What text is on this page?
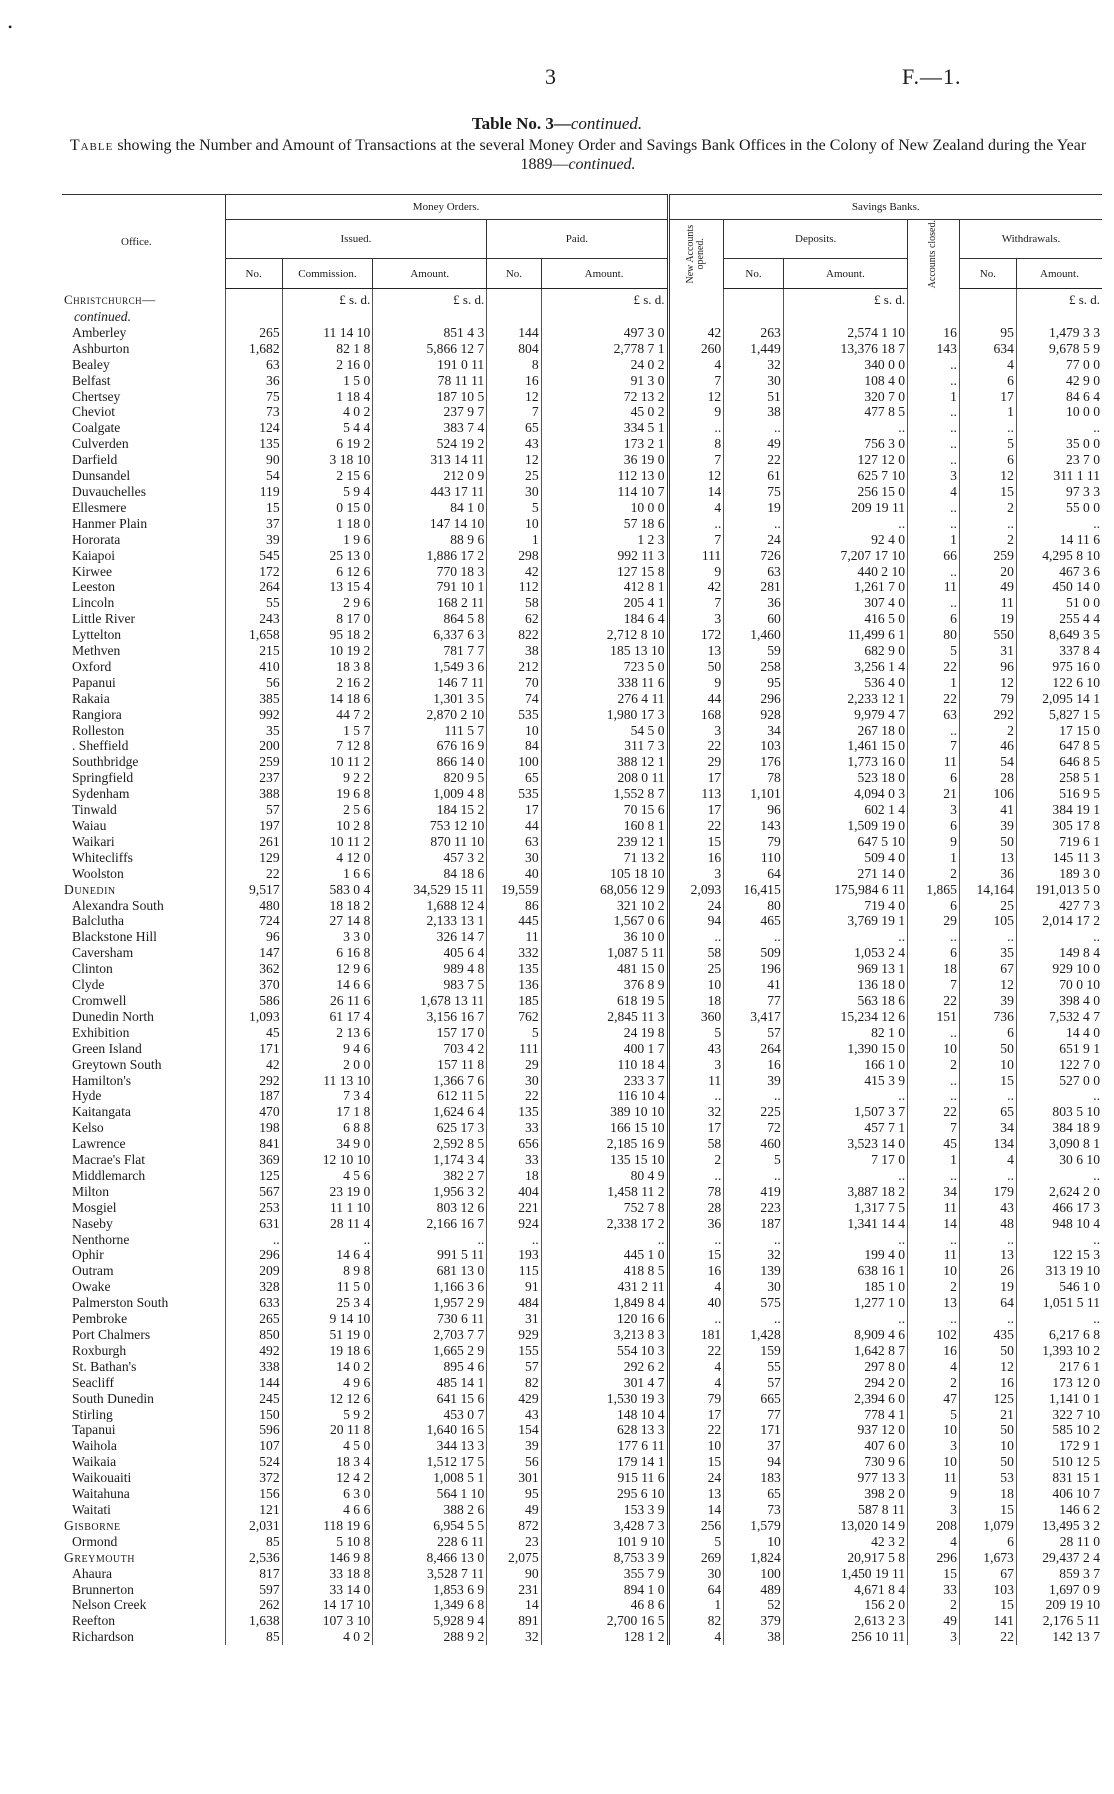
•
3	F.—1.
Table No. 3—continued.
Table showing the Number and Amount of Transactions at the several Money Order and Savings Bank Offices in the Colony of New Zealand during the Year 1889—continued.
Office.	Money Orders.					Savings Banks.					
	Issued.			Paid.		New Accounts opened.	Deposits.		Accounts closed.	Withdrawals.	
	No.	Commission.	Amount.	No.	Amount.		No.	Amount.		No.	Amount.
Christchurch—		£ s. d.	£ s. d.		£ s. d.			£ s. d.			£ s. d.
continued.											
Amberley	265	11 14 10	851 4 3	144	497 3 0	42	263	2,574 1 10	16	95	1,479 3 3
Ashburton	1,682	82 1 8	5,866 12 7	804	2,778 7 1	260	1,449	13,376 18 7	143	634	9,678 5 9
Bealey	63	2 16 0	191 0 11	8	24 0 2	4	32	340 0 0	..	4	77 0 0
Belfast	36	1 5 0	78 11 11	16	91 3 0	7	30	108 4 0	..	6	42 9 0
Chertsey	75	1 18 4	187 10 5	12	72 13 2	12	51	320 7 0	1	17	84 6 4
Cheviot	73	4 0 2	237 9 7	7	45 0 2	9	38	477 8 5	..	1	10 0 0
Coalgate	124	5 4 4	383 7 4	65	334 5 1	..	..	..	..	..	..
Culverden	135	6 19 2	524 19 2	43	173 2 1	8	49	756 3 0	..	5	35 0 0
Darfield	90	3 18 10	313 14 11	12	36 19 0	7	22	127 12 0	..	6	23 7 0
Dunsandel	54	2 15 6	212 0 9	25	112 13 0	12	61	625 7 10	3	12	311 1 11
Duvauchelles	119	5 9 4	443 17 11	30	114 10 7	14	75	256 15 0	4	15	97 3 3
Ellesmere	15	0 15 0	84 1 0	5	10 0 0	4	19	209 19 11	..	2	55 0 0
Hanmer Plain	37	1 18 0	147 14 10	10	57 18 6	..	..	..	..	..	..
Hororata	39	1 9 6	88 9 6	1	1 2 3	7	24	92 4 0	1	2	14 11 6
Kaiapoi	545	25 13 0	1,886 17 2	298	992 11 3	111	726	7,207 17 10	66	259	4,295 8 10
Kirwee	172	6 12 6	770 18 3	42	127 15 8	9	63	440 2 10	..	20	467 3 6
Leeston	264	13 15 4	791 10 1	112	412 8 1	42	281	1,261 7 0	11	49	450 14 0
Lincoln	55	2 9 6	168 2 11	58	205 4 1	7	36	307 4 0	..	11	51 0 0
Little River	243	8 17 0	864 5 8	62	184 6 4	3	60	416 5 0	6	19	255 4 4
Lyttelton	1,658	95 18 2	6,337 6 3	822	2,712 8 10	172	1,460	11,499 6 1	80	550	8,649 3 5
Methven	215	10 19 2	781 7 7	38	185 13 10	13	59	682 9 0	5	31	337 8 4
Oxford	410	18 3 8	1,549 3 6	212	723 5 0	50	258	3,256 1 4	22	96	975 16 0
Papanui	56	2 16 2	146 7 11	70	338 11 6	9	95	536 4 0	1	12	122 6 10
Rakaia	385	14 18 6	1,301 3 5	74	276 4 11	44	296	2,233 12 1	22	79	2,095 14 1
Rangiora	992	44 7 2	2,870 2 10	535	1,980 17 3	168	928	9,979 4 7	63	292	5,827 1 5
Rolleston	35	1 5 7	111 5 7	10	54 5 0	3	34	267 18 0	..	2	17 15 0
. Sheffield	200	7 12 8	676 16 9	84	311 7 3	22	103	1,461 15 0	7	46	647 8 5
Southbridge	259	10 11 2	866 14 0	100	388 12 1	29	176	1,773 16 0	11	54	646 8 5
Springfield	237	9 2 2	820 9 5	65	208 0 11	17	78	523 18 0	6	28	258 5 1
Sydenham	388	19 6 8	1,009 4 8	535	1,552 8 7	113	1,101	4,094 0 3	21	106	516 9 5
Tinwald	57	2 5 6	184 15 2	17	70 15 6	17	96	602 1 4	3	41	384 19 1
Waiau	197	10 2 8	753 12 10	44	160 8 1	22	143	1,509 19 0	6	39	305 17 8
Waikari	261	10 11 2	870 11 10	63	239 12 1	15	79	647 5 10	9	50	719 6 1
Whitecliffs	129	4 12 0	457 3 2	30	71 13 2	16	110	509 4 0	1	13	145 11 3
Woolston	22	1 6 6	84 18 6	40	105 18 10	3	64	271 14 0	2	36	189 3 0
Dunedin	9,517	583 0 4	34,529 15 11	19,559	68,056 12 9	2,093	16,415	175,984 6 11	1,865	14,164	191,013 5 0
Alexandra South	480	18 18 2	1,688 12 4	86	321 10 2	24	80	719 4 0	6	25	427 7 3
Balclutha	724	27 14 8	2,133 13 1	445	1,567 0 6	94	465	3,769 19 1	29	105	2,014 17 2
Blackstone Hill	96	3 3 0	326 14 7	11	36 10 0	..	..	..	..	..	..
Caversham	147	6 16 8	405 6 4	332	1,087 5 11	58	509	1,053 2 4	6	35	149 8 4
Clinton	362	12 9 6	989 4 8	135	481 15 0	25	196	969 13 1	18	67	929 10 0
Clyde	370	14 6 6	983 7 5	136	376 8 9	10	41	136 18 0	7	12	70 0 10
Cromwell	586	26 11 6	1,678 13 11	185	618 19 5	18	77	563 18 6	22	39	398 4 0
Dunedin North	1,093	61 17 4	3,156 16 7	762	2,845 11 3	360	3,417	15,234 12 6	151	736	7,532 4 7
Exhibition	45	2 13 6	157 17 0	5	24 19 8	5	57	82 1 0	..	6	14 4 0
Green Island	171	9 4 6	703 4 2	111	400 1 7	43	264	1,390 15 0	10	50	651 9 1
Greytown South	42	2 0 0	157 11 8	29	110 18 4	3	16	166 1 0	2	10	122 7 0
Hamilton's	292	11 13 10	1,366 7 6	30	233 3 7	11	39	415 3 9	..	15	527 0 0
Hyde	187	7 3 4	612 11 5	22	116 10 4	..	..	..	..	..	..
Kaitangata	470	17 1 8	1,624 6 4	135	389 10 10	32	225	1,507 3 7	22	65	803 5 10
Kelso	198	6 8 8	625 17 3	33	166 15 10	17	72	457 7 1	7	34	384 18 9
Lawrence	841	34 9 0	2,592 8 5	656	2,185 16 9	58	460	3,523 14 0	45	134	3,090 8 1
Macrae's Flat	369	12 10 10	1,174 3 4	33	135 15 10	2	5	7 17 0	1	4	30 6 10
Middlemarch	125	4 5 6	382 2 7	18	80 4 9	..	..	..	..	..	..
Milton	567	23 19 0	1,956 3 2	404	1,458 11 2	78	419	3,887 18 2	34	179	2,624 2 0
Mosgiel	253	11 1 10	803 12 6	221	752 7 8	28	223	1,317 7 5	11	43	466 17 3
Naseby	631	28 11 4	2,166 16 7	924	2,338 17 2	36	187	1,341 14 4	14	48	948 10 4
Nenthorne	..	..	..	..	..	..	..	..	..	..	..
Ophir	296	14 6 4	991 5 11	193	445 1 0	15	32	199 4 0	11	13	122 15 3
Outram	209	8 9 8	681 13 0	115	418 8 5	16	139	638 16 1	10	26	313 19 10
Owake	328	11 5 0	1,166 3 6	91	431 2 11	4	30	185 1 0	2	19	546 1 0
Palmerston South	633	25 3 4	1,957 2 9	484	1,849 8 4	40	575	1,277 1 0	13	64	1,051 5 11
Pembroke	265	9 14 10	730 6 11	31	120 16 6	..	..	..	..	..	..
Port Chalmers	850	51 19 0	2,703 7 7	929	3,213 8 3	181	1,428	8,909 4 6	102	435	6,217 6 8
Roxburgh	492	19 18 6	1,665 2 9	155	554 10 3	22	159	1,642 8 7	16	50	1,393 10 2
St. Bathan's	338	14 0 2	895 4 6	57	292 6 2	4	55	297 8 0	4	12	217 6 1
Seacliff	144	4 9 6	485 14 1	82	301 4 7	4	57	294 2 0	2	16	173 12 0
South Dunedin	245	12 12 6	641 15 6	429	1,530 19 3	79	665	2,394 6 0	47	125	1,141 0 1
Stirling	150	5 9 2	453 0 7	43	148 10 4	17	77	778 4 1	5	21	322 7 10
Tapanui	596	20 11 8	1,640 16 5	154	628 13 3	22	171	937 12 0	10	50	585 10 2
Waihola	107	4 5 0	344 13 3	39	177 6 11	10	37	407 6 0	3	10	172 9 1
Waikaia	524	18 3 4	1,512 17 5	56	179 14 1	15	94	730 9 6	10	50	510 12 5
Waikouaiti	372	12 4 2	1,008 5 1	301	915 11 6	24	183	977 13 3	11	53	831 15 1
Waitahuna	156	6 3 0	564 1 10	95	295 6 10	13	65	398 2 0	9	18	406 10 7
Waitati	121	4 6 6	388 2 6	49	153 3 9	14	73	587 8 11	3	15	146 6 2
Gisborne	2,031	118 19 6	6,954 5 5	872	3,428 7 3	256	1,579	13,020 14 9	208	1,079	13,495 3 2
Ormond	85	5 10 8	228 6 11	23	101 9 10	5	10	42 3 2	4	6	28 11 0
Greymouth	2,536	146 9 8	8,466 13 0	2,075	8,753 3 9	269	1,824	20,917 5 8	296	1,673	29,437 2 4
Ahaura	817	33 18 8	3,528 7 11	90	355 7 9	30	100	1,450 19 11	15	67	859 3 7
Brunnerton	597	33 14 0	1,853 6 9	231	894 1 0	64	489	4,671 8 4	33	103	1,697 0 9
Nelson Creek	262	14 17 10	1,349 6 8	14	46 8 6	1	52	156 2 0	2	15	209 19 10
Reefton	1,638	107 3 10	5,928 9 4	891	2,700 16 5	82	379	2,613 2 3	49	141	2,176 5 11
Richardson	85	4 0 2	288 9 2	32	128 1 2	4	38	256 10 11	3	22	142 13 7
